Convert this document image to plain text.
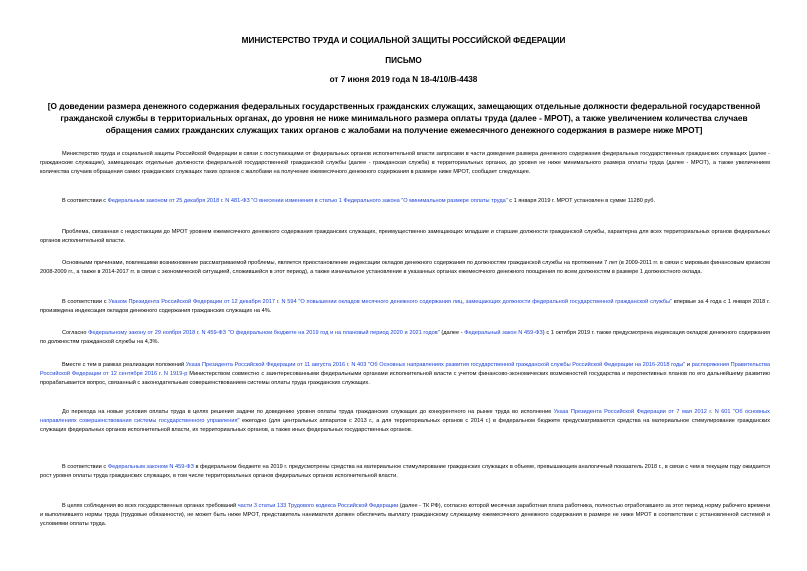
МИНИСТЕРСТВО ТРУДА И СОЦИАЛЬНОЙ ЗАЩИТЫ РОССИЙСКОЙ ФЕДЕРАЦИИ
ПИСЬМО
от 7 июня 2019 года N 18-4/10/В-4438
[О доведении размера денежного содержания федеральных государственных гражданских служащих, замещающих отдельные должности федеральной государственной гражданской службы в территориальных органах, до уровня не ниже минимального размера оплаты труда (далее - МРОТ), а также увеличением количества случаев обращения самих гражданских служащих таких органов с жалобами на получение ежемесячного денежного содержания в размере ниже МРОТ]

Министерство труда и социальной защиты Российской Федерации в связи с поступающими от федеральных органов исполнительной власти запросами в части доведения размера денежного содержания федеральных государственных гражданских служащих (далее - гражданские служащие), замещающих отдельные должности федеральной государственной гражданской службы (далее - гражданская служба) в территориальных органах, до уровня не ниже минимального размера оплаты труда (далее - МРОТ), а также увеличением количества случаев обращения самих гражданских служащих таких органов с жалобами на получение ежемесячного денежного содержания в размере ниже МРОТ, сообщает следующее.

В соответствии с Федеральным законом от 25 декабря 2018 г. N 481-ФЗ "О внесении изменения в статью 1 Федерального закона "О минимальном размере оплаты труда" с 1 января 2019 г. МРОТ установлен в сумме 11280 руб.

Проблема, связанная с недостающим до МРОТ уровнем ежемесячного денежного содержания гражданских служащих, преимущественно замещающих младшие и старшие должности гражданской службы, характерна для всех территориальных органов федеральных органов исполнительной власти.

Основными причинами, повлекшими возникновение рассматриваемой проблемы, является приостановление индексации окладов денежного содержания по должностям гражданской службы на протяжении 7 лет (в 2009-2011 гг. в связи с мировым финансовым кризисом 2008-2009 гг., а также в 2014-2017 гг. в связи с экономической ситуацией, сложившейся в этот период), а также изначальное установление в указанных органах ежемесячного денежного поощрения по всем должностям в размере 1 должностного оклада.

В соответствии с Указом Президента Российской Федерации от 12 декабря 2017 г. N 594 "О повышении окладов месячного денежного содержания лиц, замещающих должности федеральной государственной гражданской службы" впервые за 4 года с 1 января 2018 г. произведена индексация окладов денежного содержания гражданских служащих на 4%.

Согласно Федеральному закону от 29 ноября 2018 г. N 459-ФЗ "О федеральном бюджете на 2019 год и на плановый период 2020 и 2021 годов" (далее - Федеральный закон N 459-ФЗ) с 1 октября 2019 г. также предусмотрена индексация окладов денежного содержания по должностям гражданской службы на 4,3%.

Вместе с тем в рамках реализации положений Указа Президента Российской Федерации от 11 августа 2016 г. N 403 "Об Основных направлениях развития государственной гражданской службы Российской Федерации на 2016-2018 годы" и распоряжения Правительства Российской Федерации от 12 сентября 2016 г. N 1919-р Министерством совместно с заинтересованными федеральными органами исполнительной власти с учетом финансово-экономических возможностей государства и перспективных планов по его дальнейшему развитию прорабатывается вопрос, связанный с законодательным совершенствованием системы оплаты труда гражданских служащих.

До перехода на новые условия оплаты труда в целях решения задачи по доведению уровня оплаты труда гражданских служащих до конкурентного на рынке труда во исполнение Указа Президента Российской Федерации от 7 мая 2012 г. N 601 "Об основных направлениях совершенствования системы государственного управления" ежегодно (для центральных аппаратов с 2013 г., а для территориальных органов с 2014 г.) в федеральном бюджете предусматриваются средства на материальное стимулирование гражданских служащих федеральных органов исполнительной власти, их территориальных органов, а также иных федеральных государственных органов.

В соответствии с Федеральным законом N 459-ФЗ в федеральном бюджете на 2019 г. предусмотрены средства на материальное стимулирование гражданских служащих в объеме, превышающем аналогичный показатель 2018 г., в связи с чем в текущем году ожидается рост уровня оплаты труда гражданских служащих, в том числе территориальных органов федеральных органов исполнительной власти.

В целях соблюдения во всех государственных органах требований части 3 статьи 133 Трудового кодекса Российской Федерации (далее - ТК РФ), согласно которой месячная заработная плата работника, полностью отработавшего за этот период норму рабочего времени и выполнившего нормы труда (трудовые обязанности), не может быть ниже МРОТ, представитель нанимателя должен обеспечить выплату гражданскому служащему ежемесячного денежного содержания в размере не ниже МРОТ в соответствии с установленной системой и условиями оплаты труда.
